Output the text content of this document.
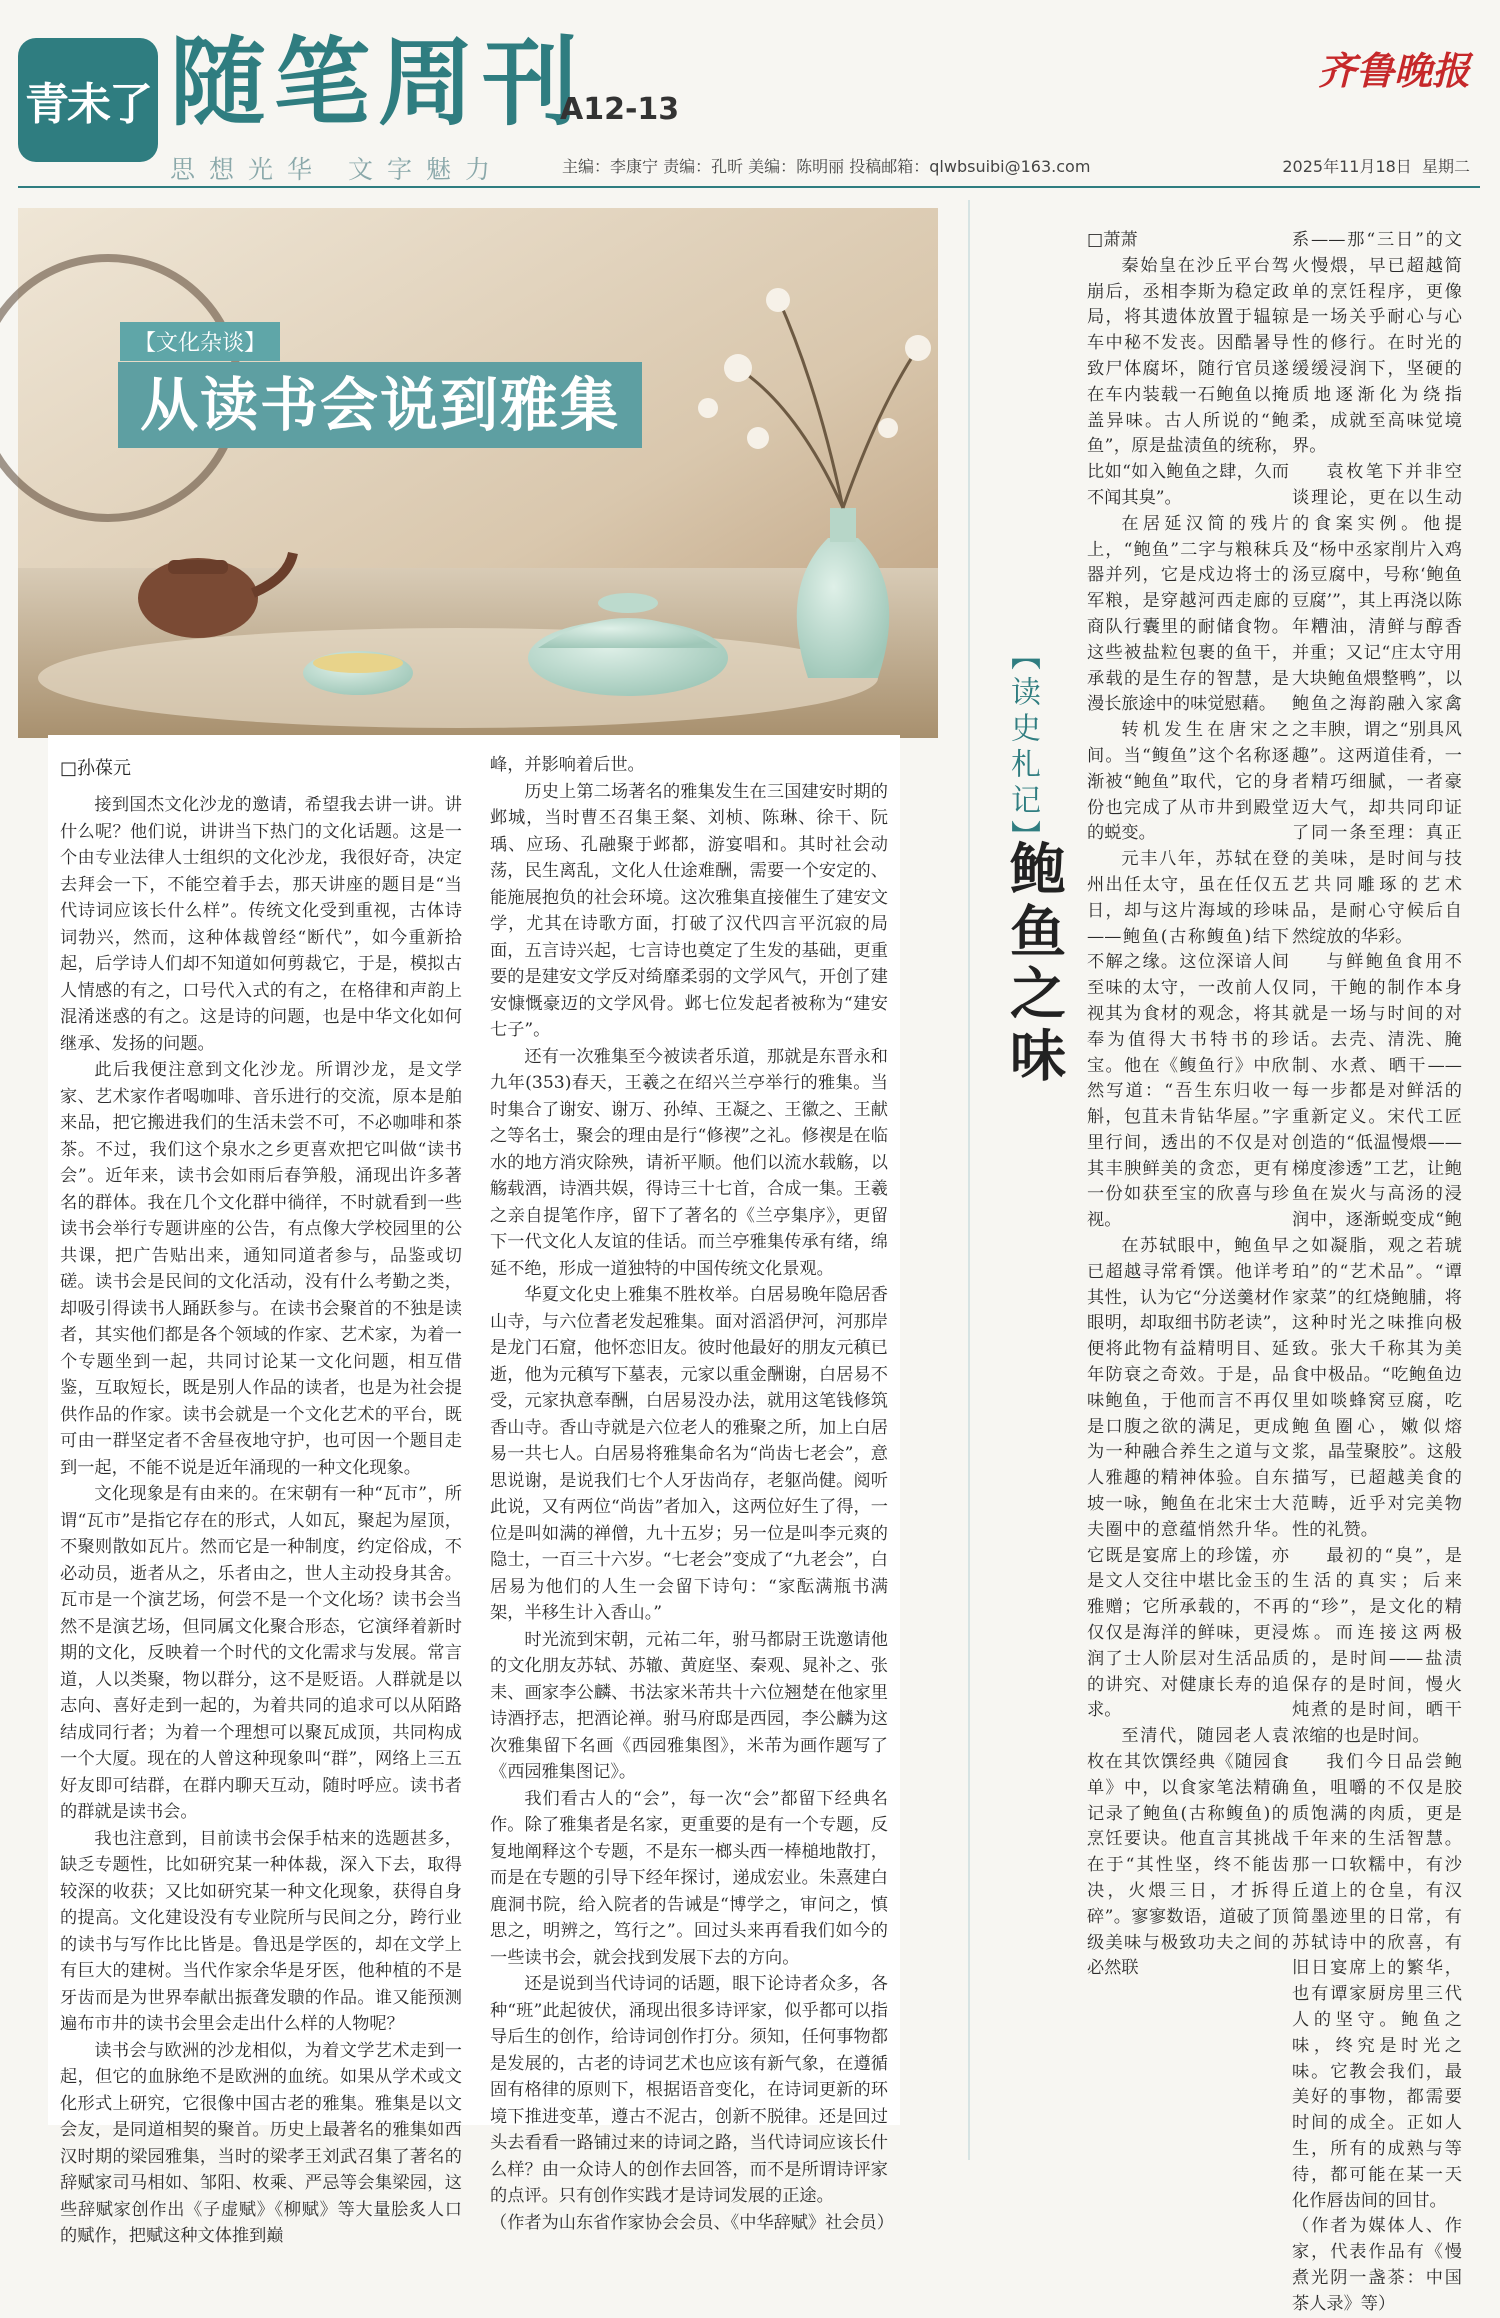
青未了 随笔周刊
A12-13
思想光华 文字魅力	主编：李康宁 责编：孔昕 美编：陈明丽 投稿邮箱：qlwbsuibi@163.com
齐鲁晚报
2025年11月18日 星期二
【文化杂谈】
从读书会说到雅集
□孙葆元

接到国杰文化沙龙的邀请，希望我去讲一讲。讲什么呢？他们说，讲讲当下热门的文化话题。这是一个由专业法律人士组织的文化沙龙，我很好奇，决定去拜会一下，不能空着手去，那天讲座的题目是“当代诗词应该长什么样”。传统文化受到重视，古体诗词勃兴，然而，这种体裁曾经“断代”，如今重新拾起，后学诗人们却不知道如何剪裁它，于是，模拟古人情感的有之，口号代入式的有之，在格律和声韵上混淆迷惑的有之。这是诗的问题，也是中华文化如何继承、发扬的问题。

此后我便注意到文化沙龙。所谓沙龙，是文学家、艺术家作者喝咖啡、音乐进行的交流，原本是舶来品，把它搬进我们的生活未尝不可，不必咖啡和茶茶。不过，我们这个泉水之乡更喜欢把它叫做“读书会”。近年来，读书会如雨后春笋般，涌现出许多著名的群体。我在几个文化群中徜徉，不时就看到一些读书会举行专题讲座的公告，有点像大学校园里的公共课，把广告贴出来，通知同道者参与，品鉴或切磋。读书会是民间的文化活动，没有什么考勤之类，却吸引得读书人踊跃参与。在读书会聚首的不独是读者，其实他们都是各个领域的作家、艺术家，为着一个专题坐到一起，共同讨论某一文化问题，相互借鉴，互取短长，既是别人作品的读者，也是为社会提供作品的作家。读书会就是一个文化艺术的平台，既可由一群坚定者不舍昼夜地守护，也可因一个题目走到一起，不能不说是近年涌现的一种文化现象。

文化现象是有由来的。在宋朝有一种“瓦市”，所谓“瓦市”是指它存在的形式，人如瓦，聚起为屋顶，不聚则散如瓦片。然而它是一种制度，约定俗成，不必动员，逝者从之，乐者由之，世人主动投身其舍。瓦市是一个演艺场，何尝不是一个文化场？读书会当然不是演艺场，但同属文化聚合形态，它演绎着新时期的文化，反映着一个时代的文化需求与发展。常言道，人以类聚，物以群分，这不是贬语。人群就是以志向、喜好走到一起的，为着共同的追求可以从陌路结成同行者；为着一个理想可以聚瓦成顶，共同构成一个大厦。现在的人曾这种现象叫“群”，网络上三五好友即可结群，在群内聊天互动，随时呼应。读书者的群就是读书会。

我也注意到，目前读书会保手枯来的选题甚多，缺乏专题性，比如研究某一种体裁，深入下去，取得较深的收获；又比如研究某一种文化现象，获得自身的提高。文化建设没有专业院所与民间之分，跨行业的读书与写作比比皆是。鲁迅是学医的，却在文学上有巨大的建树。当代作家余华是牙医，他种植的不是牙齿而是为世界奉献出振聋发聩的作品。谁又能预测遍布市井的读书会里会走出什么样的人物呢？

读书会与欧洲的沙龙相似，为着文学艺术走到一起，但它的血脉绝不是欧洲的血统。如果从学术或文化形式上研究，它很像中国古老的雅集。雅集是以文会友，是同道相契的聚首。历史上最著名的雅集如西汉时期的梁园雅集，当时的梁孝王刘武召集了著名的辞赋家司马相如、邹阳、枚乘、严忌等会集梁园，这些辞赋家创作出《子虚赋》《柳赋》等大量脍炙人口的赋作，把赋这种文体推到巅

峰，并影响着后世。

历史上第二场著名的雅集发生在三国建安时期的邺城，当时曹丕召集王粲、刘桢、陈琳、徐干、阮瑀、应玚、孔融聚于邺都，游宴唱和。其时社会动荡，民生离乱，文化人仕途难酬，需要一个安定的、能施展抱负的社会环境。这次雅集直接催生了建安文学，尤其在诗歌方面，打破了汉代四言平沉寂的局面，五言诗兴起，七言诗也奠定了生发的基础，更重要的是建安文学反对绮靡柔弱的文学风气，开创了建安慷慨豪迈的文学风骨。邺七位发起者被称为“建安七子”。

还有一次雅集至今被读者乐道，那就是东晋永和九年(353)春天，王羲之在绍兴兰亭举行的雅集。当时集合了谢安、谢万、孙绰、王凝之、王徽之、王献之等名士，聚会的理由是行“修禊”之礼。修禊是在临水的地方消灾除殃，请祈平顺。他们以流水载觞，以觞载酒，诗酒共娱，得诗三十七首，合成一集。王羲之亲自提笔作序，留下了著名的《兰亭集序》，更留下一代文化人友谊的佳话。而兰亭雅集传承有绪，绵延不绝，形成一道独特的中国传统文化景观。

华夏文化史上雅集不胜枚举。白居易晚年隐居香山寺，与六位耆老发起雅集。面对滔滔伊河，河那岸是龙门石窟，他怀恋旧友。彼时他最好的朋友元稹已逝，他为元稹写下墓表，元家以重金酬谢，白居易不受，元家执意奉酬，白居易没办法，就用这笔钱修筑香山寺。香山寺就是六位老人的雅聚之所，加上白居易一共七人。白居易将雅集命名为“尚齿七老会”，意思说谢，是说我们七个人牙齿尚存，老躯尚健。阅听此说，又有两位“尚齿”者加入，这两位好生了得，一位是叫如满的禅僧，九十五岁；另一位是叫李元爽的隐士，一百三十六岁。“七老会”变成了“九老会”，白居易为他们的人生一会留下诗句：“家酝满瓶书满架，半移生计入香山。”

时光流到宋朝，元祐二年，驸马都尉王诜邀请他的文化朋友苏轼、苏辙、黄庭坚、秦观、晁补之、张耒、画家李公麟、书法家米芾共十六位翘楚在他家里诗酒抒志，把酒论禅。驸马府邸是西园，李公麟为这次雅集留下名画《西园雅集图》，米芾为画作题写了《西园雅集图记》。

我们看古人的“会”，每一次“会”都留下经典名作。除了雅集者是名家，更重要的是有一个专题，反复地阐释这个专题，不是东一榔头西一棒槌地散打，而是在专题的引导下经年探讨，递成宏业。朱熹建白鹿洞书院，给入院者的告诫是“博学之，审问之，慎思之，明辨之，笃行之”。回过头来再看我们如今的一些读书会，就会找到发展下去的方向。

还是说到当代诗词的话题，眼下论诗者众多，各种“班”此起彼伏，涌现出很多诗评家，似乎都可以指导后生的创作，给诗词创作打分。须知，任何事物都是发展的，古老的诗词艺术也应该有新气象，在遵循固有格律的原则下，根据语音变化，在诗词更新的环境下推进变革，遵古不泥古，创新不脱律。还是回过头去看看一路铺过来的诗词之路，当代诗词应该长什么样？由一众诗人的创作去回答，而不是所谓诗评家的点评。只有创作实践才是诗词发展的正途。

（作者为山东省作家协会会员、《中华辞赋》社会员）

【读史札记】
鲍鱼之味

□萧萧

秦始皇在沙丘平台驾崩后，丞相李斯为稳定政局，将其遗体放置于辒辌车中秘不发丧。因酷暑导致尸体腐坏，随行官员遂在车内装载一石鲍鱼以掩盖异味。古人所说的“鲍鱼”，原是盐渍鱼的统称，比如“如入鲍鱼之肆，久而不闻其臭”。

在居延汉简的残片上，“鲍鱼”二字与粮秣兵器并列，它是戍边将士的军粮，是穿越河西走廊的商队行囊里的耐储食物。这些被盐粒包裹的鱼干，承载的是生存的智慧，是漫长旅途中的味觉慰藉。

转机发生在唐宋之间。当“鳆鱼”这个名称逐渐被“鲍鱼”取代，它的身份也完成了从市井到殿堂的蜕变。

元丰八年，苏轼在登州出任太守，虽在任仅五日，却与这片海域的珍味——鲍鱼(古称鳆鱼)结下不解之缘。这位深谙人间至味的太守，一改前人仅视其为食材的观念，将其奉为值得大书特书的珍宝。他在《鳆鱼行》中欣然写道：“吾生东归收一斛，包苴未肯钻华屋。”字里行间，透出的不仅是对其丰腴鲜美的贪恋，更有一份如获至宝的欣喜与珍视。

在苏轼眼中，鲍鱼早已超越寻常肴馔。他详考其性，认为它“分送羹材作眼明，却取细书防老读”，便将此物有益精明目、延年防衰之奇效。于是，品味鲍鱼，于他而言不再仅是口腹之欲的满足，更成为一种融合养生之道与文人雅趣的精神体验。自东坡一咏，鲍鱼在北宋士大夫圈中的意蕴悄然升华。它既是宴席上的珍馐，亦是文人交往中堪比金玉的雅赠；它所承载的，不再仅仅是海洋的鲜味，更浸润了士人阶层对生活品质的讲究、对健康长寿的追求。

至清代，随园老人袁枚在其饮馔经典《随园食单》中，以食家笔法精确记录了鲍鱼(古称鳆鱼)的烹饪要诀。他直言其挑战在于“其性坚，终不能齿决，火煨三日，才拆得碎”。寥寥数语，道破了顶级美味与极致功夫之间的必然联

系——那“三日”的文火慢煨，早已超越简单的烹饪程序，更像是一场关乎耐心与心性的修行。在时光的缓缓浸润下，坚硬的质地逐渐化为绕指柔，成就至高味觉境界。

袁枚笔下并非空谈理论，更在以生动的食案实例。他提及“杨中丞家削片入鸡汤豆腐中，号称‘鲍鱼豆腐’”，其上再浇以陈年糟油，清鲜与醇香并重；又记“庄太守用大块鲍鱼煨整鸭”，以鲍鱼之海韵融入家禽之丰腴，谓之“别具风趣”。这两道佳肴，一者精巧细腻，一者豪迈大气，却共同印证了同一条至理：真正的美味，是时间与技艺共同雕琢的艺术品，是耐心守候后自然绽放的华彩。

与鲜鲍鱼食用不同，干鲍的制作本身就是一场与时间的对话。去壳、清洗、腌制、水煮、晒干——每一步都是对鲜活的重新定义。宋代工匠创造的“低温慢煨——梯度渗透”工艺，让鲍鱼在炭火与高汤的浸润中，逐渐蜕变成“鲍之如凝脂，观之若琥珀”的“艺术品”。“谭家菜”的红烧鲍脯，将这种时光之味推向极致。张大千称其为美食中极品。“吃鲍鱼边里如啖蜂窝豆腐，吃鲍鱼圈心，嫩似熔浆，晶莹聚胶”。这般描写，已超越美食的范畴，近乎对完美物性的礼赞。

最初的“臭”，是生活的真实；后来的“珍”，是文化的精炼。而连接这两极的，是时间——盐渍保存的是时间，慢火炖煮的是时间，晒干浓缩的也是时间。

我们今日品尝鲍鱼，咀嚼的不仅是胶质饱满的肉质，更是千年来的生活智慧。那一口软糯中，有沙丘道上的仓皇，有汉简墨迹里的日常，有苏轼诗中的欣喜，有旧日宴席上的繁华，也有谭家厨房里三代人的坚守。鲍鱼之味，终究是时光之味。它教会我们，最美好的事物，都需要时间的成全。正如人生，所有的成熟与等待，都可能在某一天化作唇齿间的回甘。

（作者为媒体人、作家，代表作品有《慢煮光阴一盏茶：中国茶人录》等）
